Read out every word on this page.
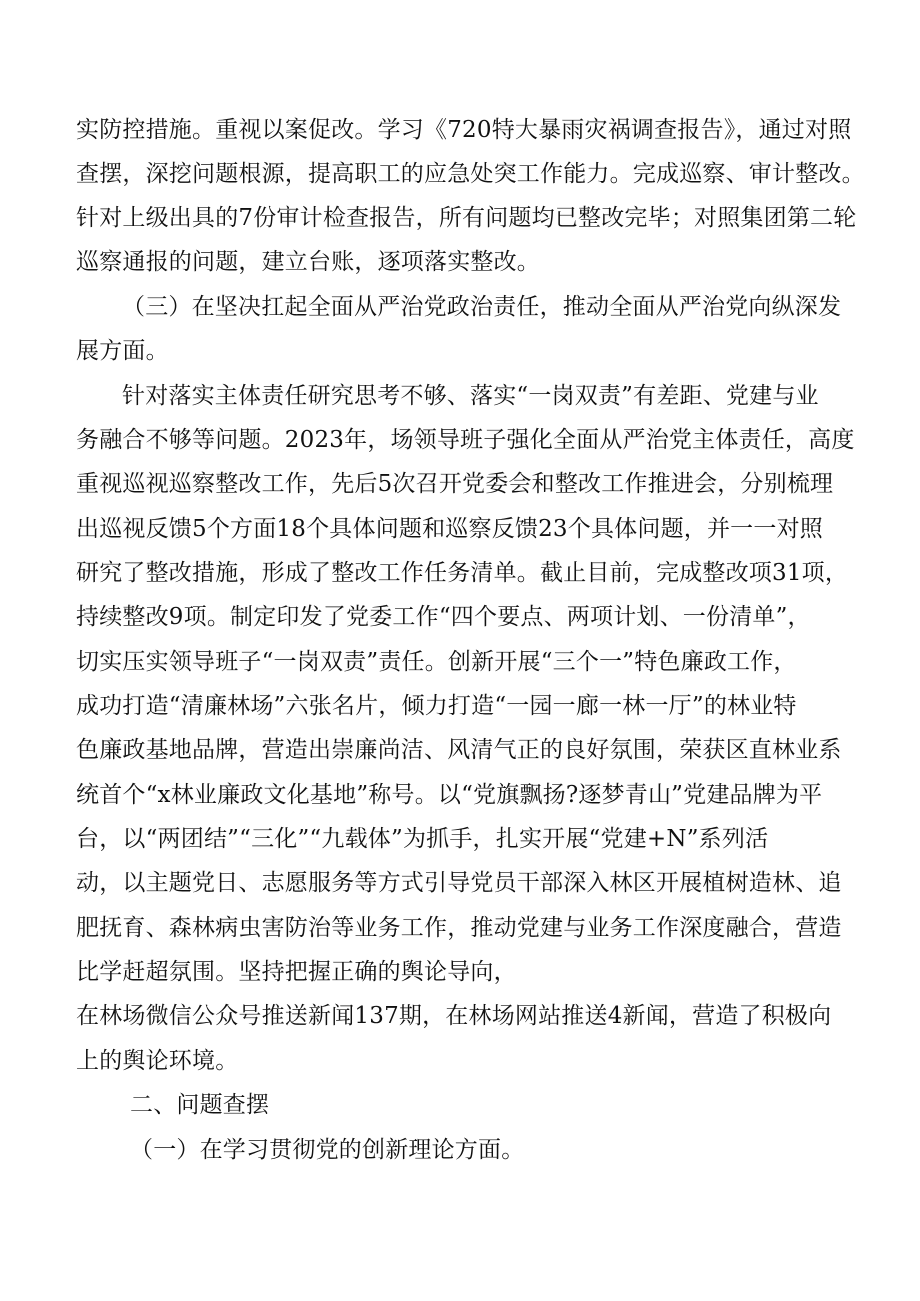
实防控措施。重视以案促改。学习《720特大暴雨灾祸调查报告》，通过对照
查摆，深挖问题根源，提高职工的应急处突工作能力。完成巡察、审计整改。
针对上级出具的7份审计检查报告，所有问题均已整改完毕；对照集团第二轮
巡察通报的问题，建立台账，逐项落实整改。
（三）在坚决扛起全面从严治党政治责任，推动全面从严治党向纵深发
展方面。
针对落实主体责任研究思考不够、落实“一岗双责”有差距、党建与业
务融合不够等问题。2023年，场领导班子强化全面从严治党主体责任，高度
重视巡视巡察整改工作，先后5次召开党委会和整改工作推进会，分别梳理
出巡视反馈5个方面18个具体问题和巡察反馈23个具体问题，并一一对照
研究了整改措施，形成了整改工作任务清单。截止目前，完成整改项31项，
持续整改9项。制定印发了党委工作“四个要点、两项计划、一份清单”，
切实压实领导班子“一岗双责”责任。创新开展“三个一”特色廉政工作，
成功打造“清廉林场”六张名片，倾力打造“一园一廊一林一厅”的林业特
色廉政基地品牌，营造出崇廉尚洁、风清气正的良好氛围，荣获区直林业系
统首个“x林业廉政文化基地”称号。以“党旗飘扬?逐梦青山”党建品牌为平
台，以“两团结”“三化”“九载体”为抓手，扎实开展“党建+N”系列活
动，以主题党日、志愿服务等方式引导党员干部深入林区开展植树造林、追
肥抚育、森林病虫害防治等业务工作，推动党建与业务工作深度融合，营造
比学赶超氛围。坚持把握正确的舆论导向，
在林场微信公众号推送新闻137期，在林场网站推送4新闻，营造了积极向
上的舆论环境。
二、问题查摆
（一）在学习贯彻党的创新理论方面。
